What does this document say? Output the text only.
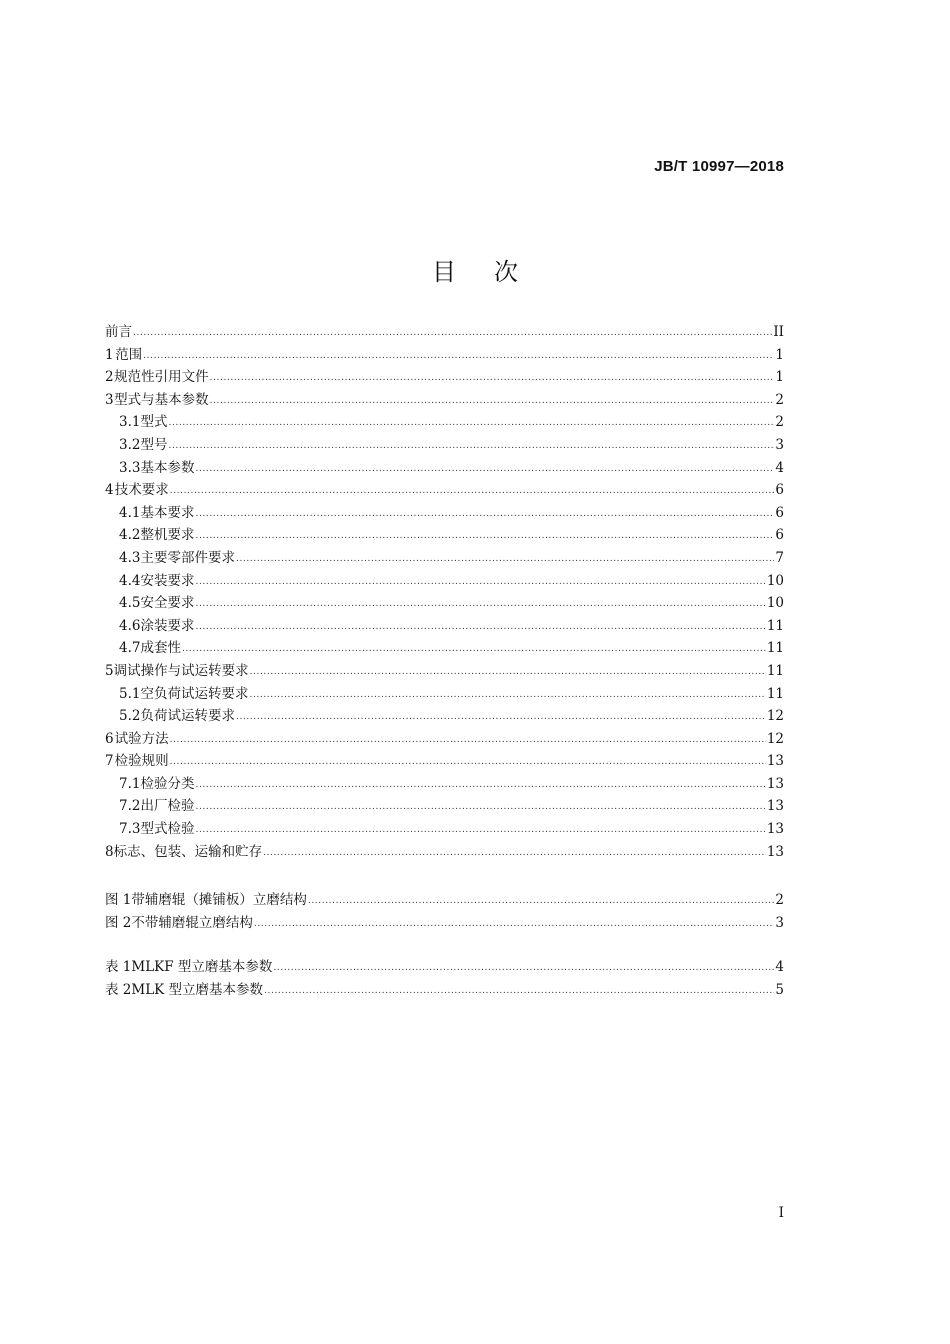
JB/T 10997—2018
目次
前言 .....	II
1 范围 .....	1
2 规范性引用文件 .....	1
3 型式与基本参数 .....	2
3.1 型式 .....	2
3.2 型号 .....	3
3.3 基本参数 .....	4
4 技术要求 .....	6
4.1 基本要求 .....	6
4.2 整机要求 .....	6
4.3 主要零部件要求 .....	7
4.4 安装要求 .....	10
4.5 安全要求 .....	10
4.6 涂装要求 .....	11
4.7 成套性 .....	11
5 调试操作与试运转要求 .....	11
5.1 空负荷试运转要求 .....	11
5.2 负荷试运转要求 .....	12
6 试验方法 .....	12
7 检验规则 .....	13
7.1 检验分类 .....	13
7.2 出厂检验 .....	13
7.3 型式检验 .....	13
8 标志、包装、运输和贮存 .....	13
图 1 带辅磨辊（摊铺板）立磨结构 .....	2
图 2 不带辅磨辊立磨结构 .....	3
表 1 MLKF 型立磨基本参数 .....	4
表 2 MLK 型立磨基本参数 .....	5
I
